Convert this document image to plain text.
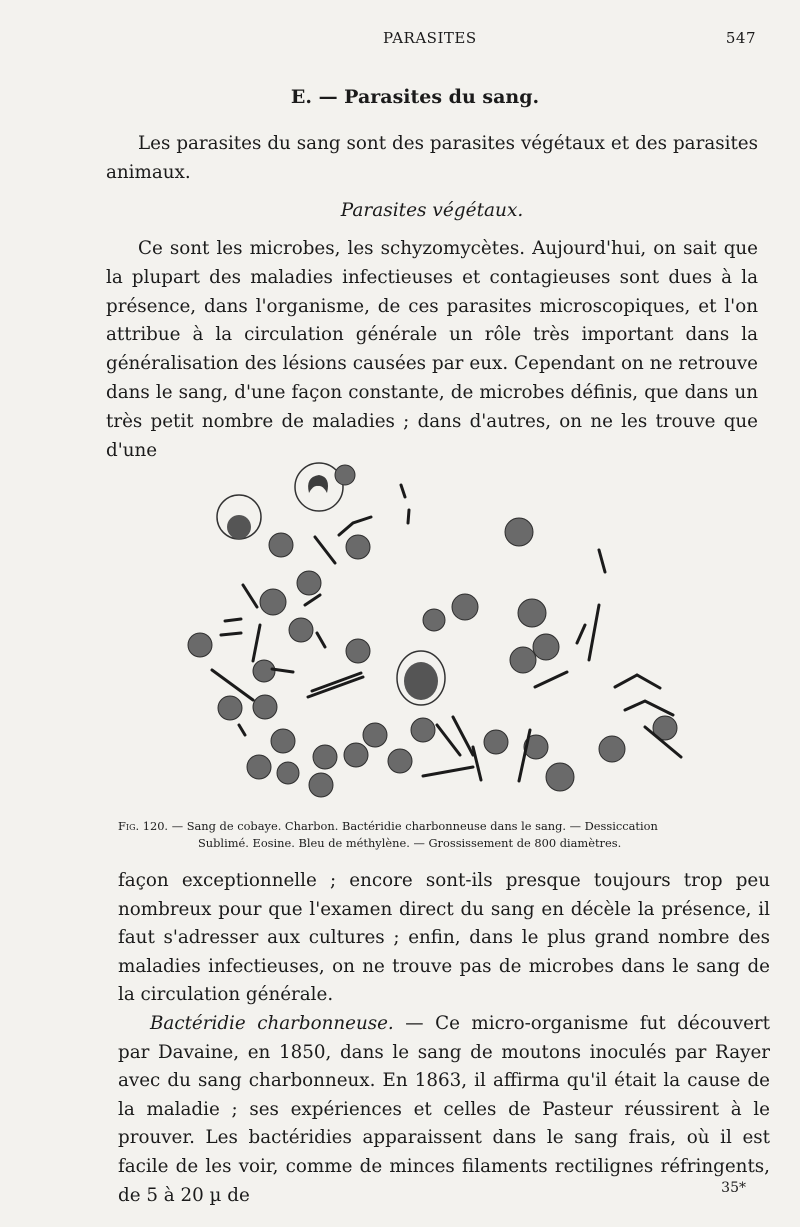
PARASITES	547
E. — Parasites du sang.

Les parasites du sang sont des parasites végétaux et des parasites animaux.

Parasites végétaux.

Ce sont les microbes, les schyzomycètes. Aujourd'hui, on sait que la plupart des maladies infectieuses et contagieuses sont dues à la présence, dans l'organisme, de ces parasites microscopiques, et l'on attribue à la circulation générale un rôle très important dans la généralisation des lésions causées par eux. Cependant on ne retrouve dans le sang, d'une façon constante, de microbes définis, que dans un très petit nombre de maladies ; dans d'autres, on ne les trouve que d'une

Fig. 120. — Sang de cobaye. Charbon. Bactéridie charbonneuse dans le sang. — Dessiccation
Sublimé. Eosine. Bleu de méthylène. — Grossissement de 800 diamètres.

façon exceptionnelle ; encore sont-ils presque toujours trop peu nombreux pour que l'examen direct du sang en décèle la présence, il faut s'adresser aux cultures ; enfin, dans le plus grand nombre des maladies infectieuses, on ne trouve pas de microbes dans le sang de la circulation générale.

Bactéridie charbonneuse. — Ce micro-organisme fut découvert par Davaine, en 1850, dans le sang de moutons inoculés par Rayer avec du sang charbonneux. En 1863, il affirma qu'il était la cause de la maladie ; ses expériences et celles de Pasteur réussirent à le prouver. Les bactéridies apparaissent dans le sang frais, où il est facile de les voir, comme de minces filaments rectilignes réfringents, de 5 à 20 µ de	35*
